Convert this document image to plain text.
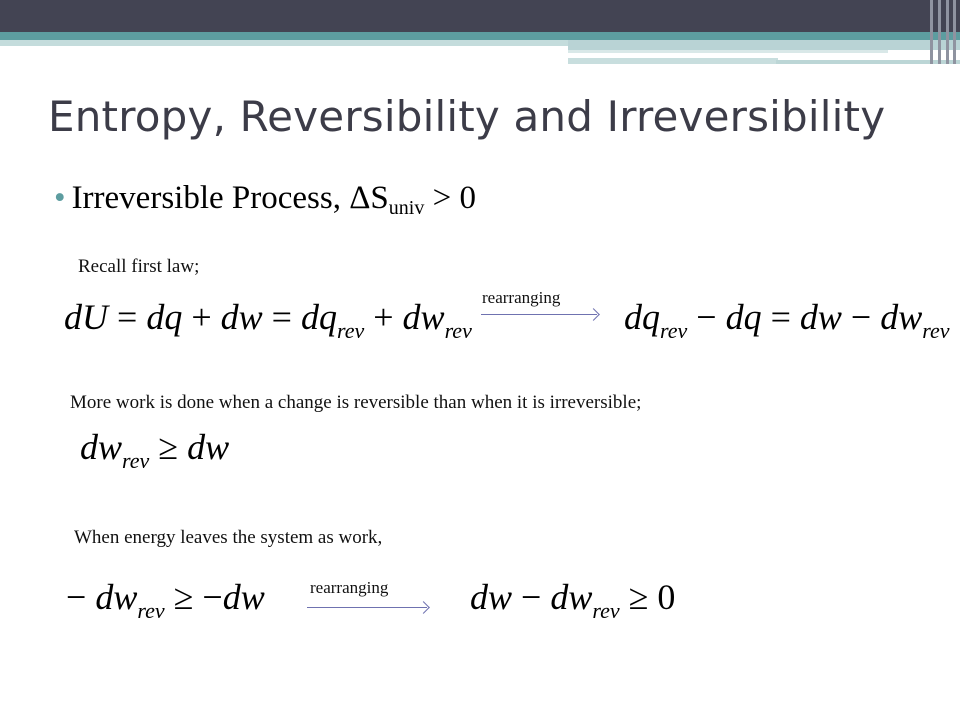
Entropy, Reversibility and Irreversibility
• Irreversible Process, $\Delta S_{univ} > 0$
Recall first law;
dU = dq + dw = $dq_{rev} + dw_{rev}$
rearranging $dq_{rev}$ − dq = dw − $dw_{rev}$
More work is done when a change is reversible than when it is irreversible;
$dw_{rev}$ ≥ dw
When energy leaves the system as work,
− $dw_{rev} \ge -dw$	rearranging dw − $dw_{rev} \ge 0$
